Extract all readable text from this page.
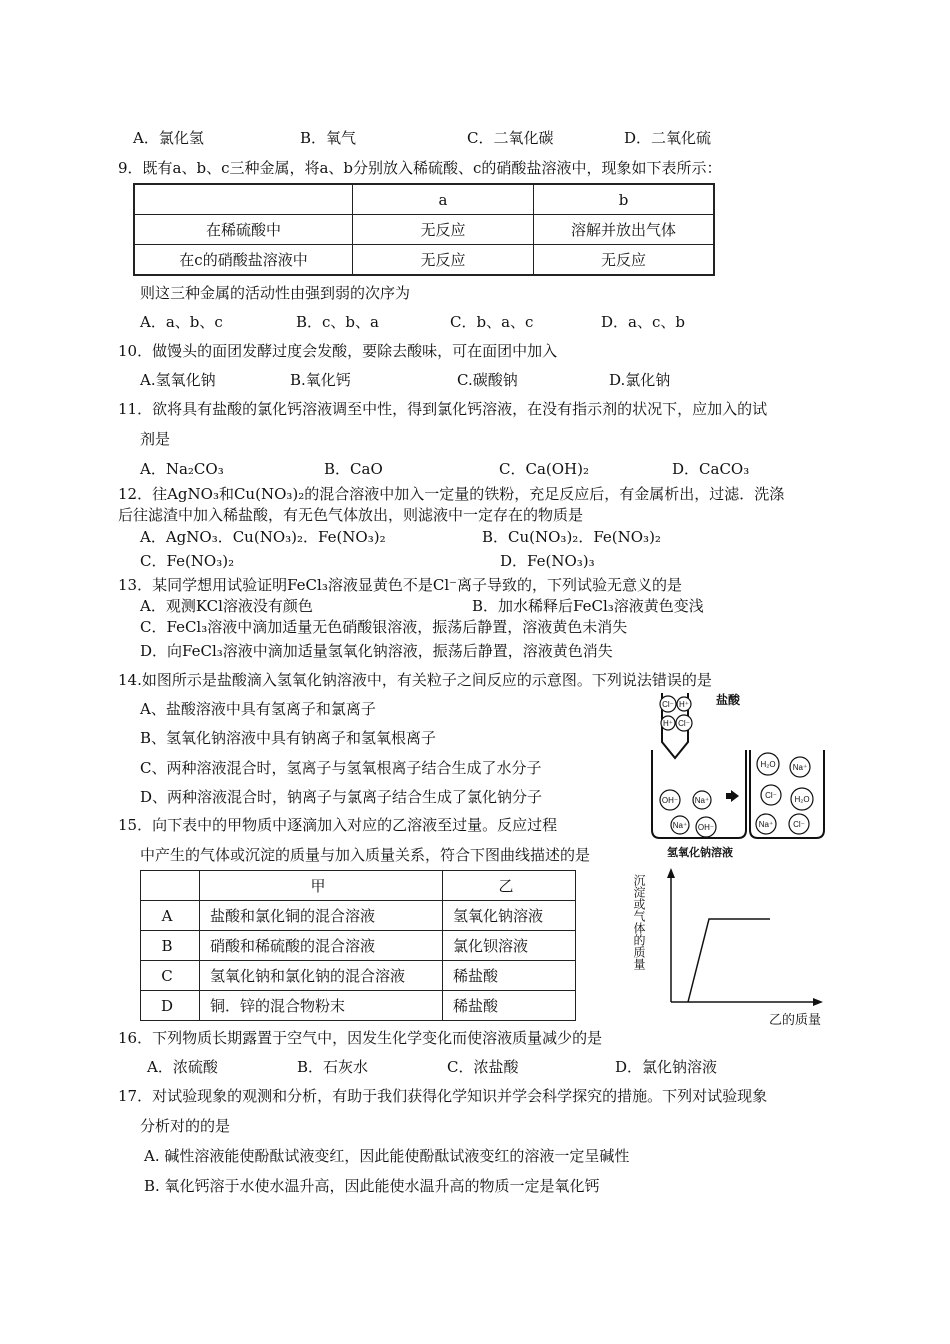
A．氯化氢	B．氧气	C．二氧化碳	D．二氧化硫
9．既有a、b、c三种金属，将a、b分别放入稀硫酸、c的硝酸盐溶液中，现象如下表所示：
	a	b
在稀硫酸中	无反应	溶解并放出气体
在c的硝酸盐溶液中	无反应	无反应
则这三种金属的活动性由强到弱的次序为
A．a、b、c	B．c、b、a	C．b、a、c	D．a、c、b
10．做馒头的面团发酵过度会发酸，要除去酸味，可在面团中加入
A.氢氧化钠	B.氧化钙	C.碳酸钠	D.氯化钠
11．欲将具有盐酸的氯化钙溶液调至中性，得到氯化钙溶液，在没有指示剂的状况下，应加入的试
剂是
A．Na₂CO₃	B．CaO	C．Ca(OH)₂	D．CaCO₃
12．往AgNO₃和Cu(NO₃)₂的混合溶液中加入一定量的铁粉，充足反应后，有金属析出，过滤．洗涤
后往滤渣中加入稀盐酸，有无色气体放出，则滤液中一定存在的物质是
A．AgNO₃．Cu(NO₃)₂．Fe(NO₃)₂	B．Cu(NO₃)₂．Fe(NO₃)₂
C．Fe(NO₃)₂	D．Fe(NO₃)₃
13．某同学想用试验证明FeCl₃溶液显黄色不是Cl⁻离子导致的，下列试验无意义的是
A．观测KCl溶液没有颜色	B．加水稀释后FeCl₃溶液黄色变浅
C．FeCl₃溶液中滴加适量无色硝酸银溶液，振荡后静置，溶液黄色未消失
D．向FeCl₃溶液中滴加适量氢氧化钠溶液，振荡后静置，溶液黄色消失
14.如图所示是盐酸滴入氢氧化钠溶液中，有关粒子之间反应的示意图。下列说法错误的是
A、盐酸溶液中具有氢离子和氯离子
B、氢氧化钠溶液中具有钠离子和氢氧根离子
C、两种溶液混合时，氢离子与氢氧根离子结合生成了水分子
D、两种溶液混合时，钠离子与氯离子结合生成了氯化钠分子
Cl⁻ H⁺
H⁺ Cl⁻
OH⁻ Na⁺
Na⁺ OH⁻
H₂O Na⁺
Cl⁻ H₂O
Na⁺ Cl⁻
盐酸
氢氧化钠溶液
15．向下表中的甲物质中逐滴加入对应的乙溶液至过量。反应过程
中产生的气体或沉淀的质量与加入质量关系，符合下图曲线描述的是
	甲	乙
A	盐酸和氯化铜的混合溶液	氢氧化钠溶液
B	硝酸和稀硫酸的混合溶液	氯化钡溶液
C	氢氧化钠和氯化钠的混合溶液	稀盐酸
D	铜．锌的混合物粉末	稀盐酸
沉淀或气体的质量
乙的质量
16．下列物质长期露置于空气中，因发生化学变化而使溶液质量减少的是
A．浓硫酸	B．石灰水	C．浓盐酸	D．氯化钠溶液
17．对试验现象的观测和分析，有助于我们获得化学知识并学会科学探究的措施。下列对试验现象
分析对的的是
A. 碱性溶液能使酚酞试液变红，因此能使酚酞试液变红的溶液一定呈碱性
B. 氧化钙溶于水使水温升高，因此能使水温升高的物质一定是氧化钙
